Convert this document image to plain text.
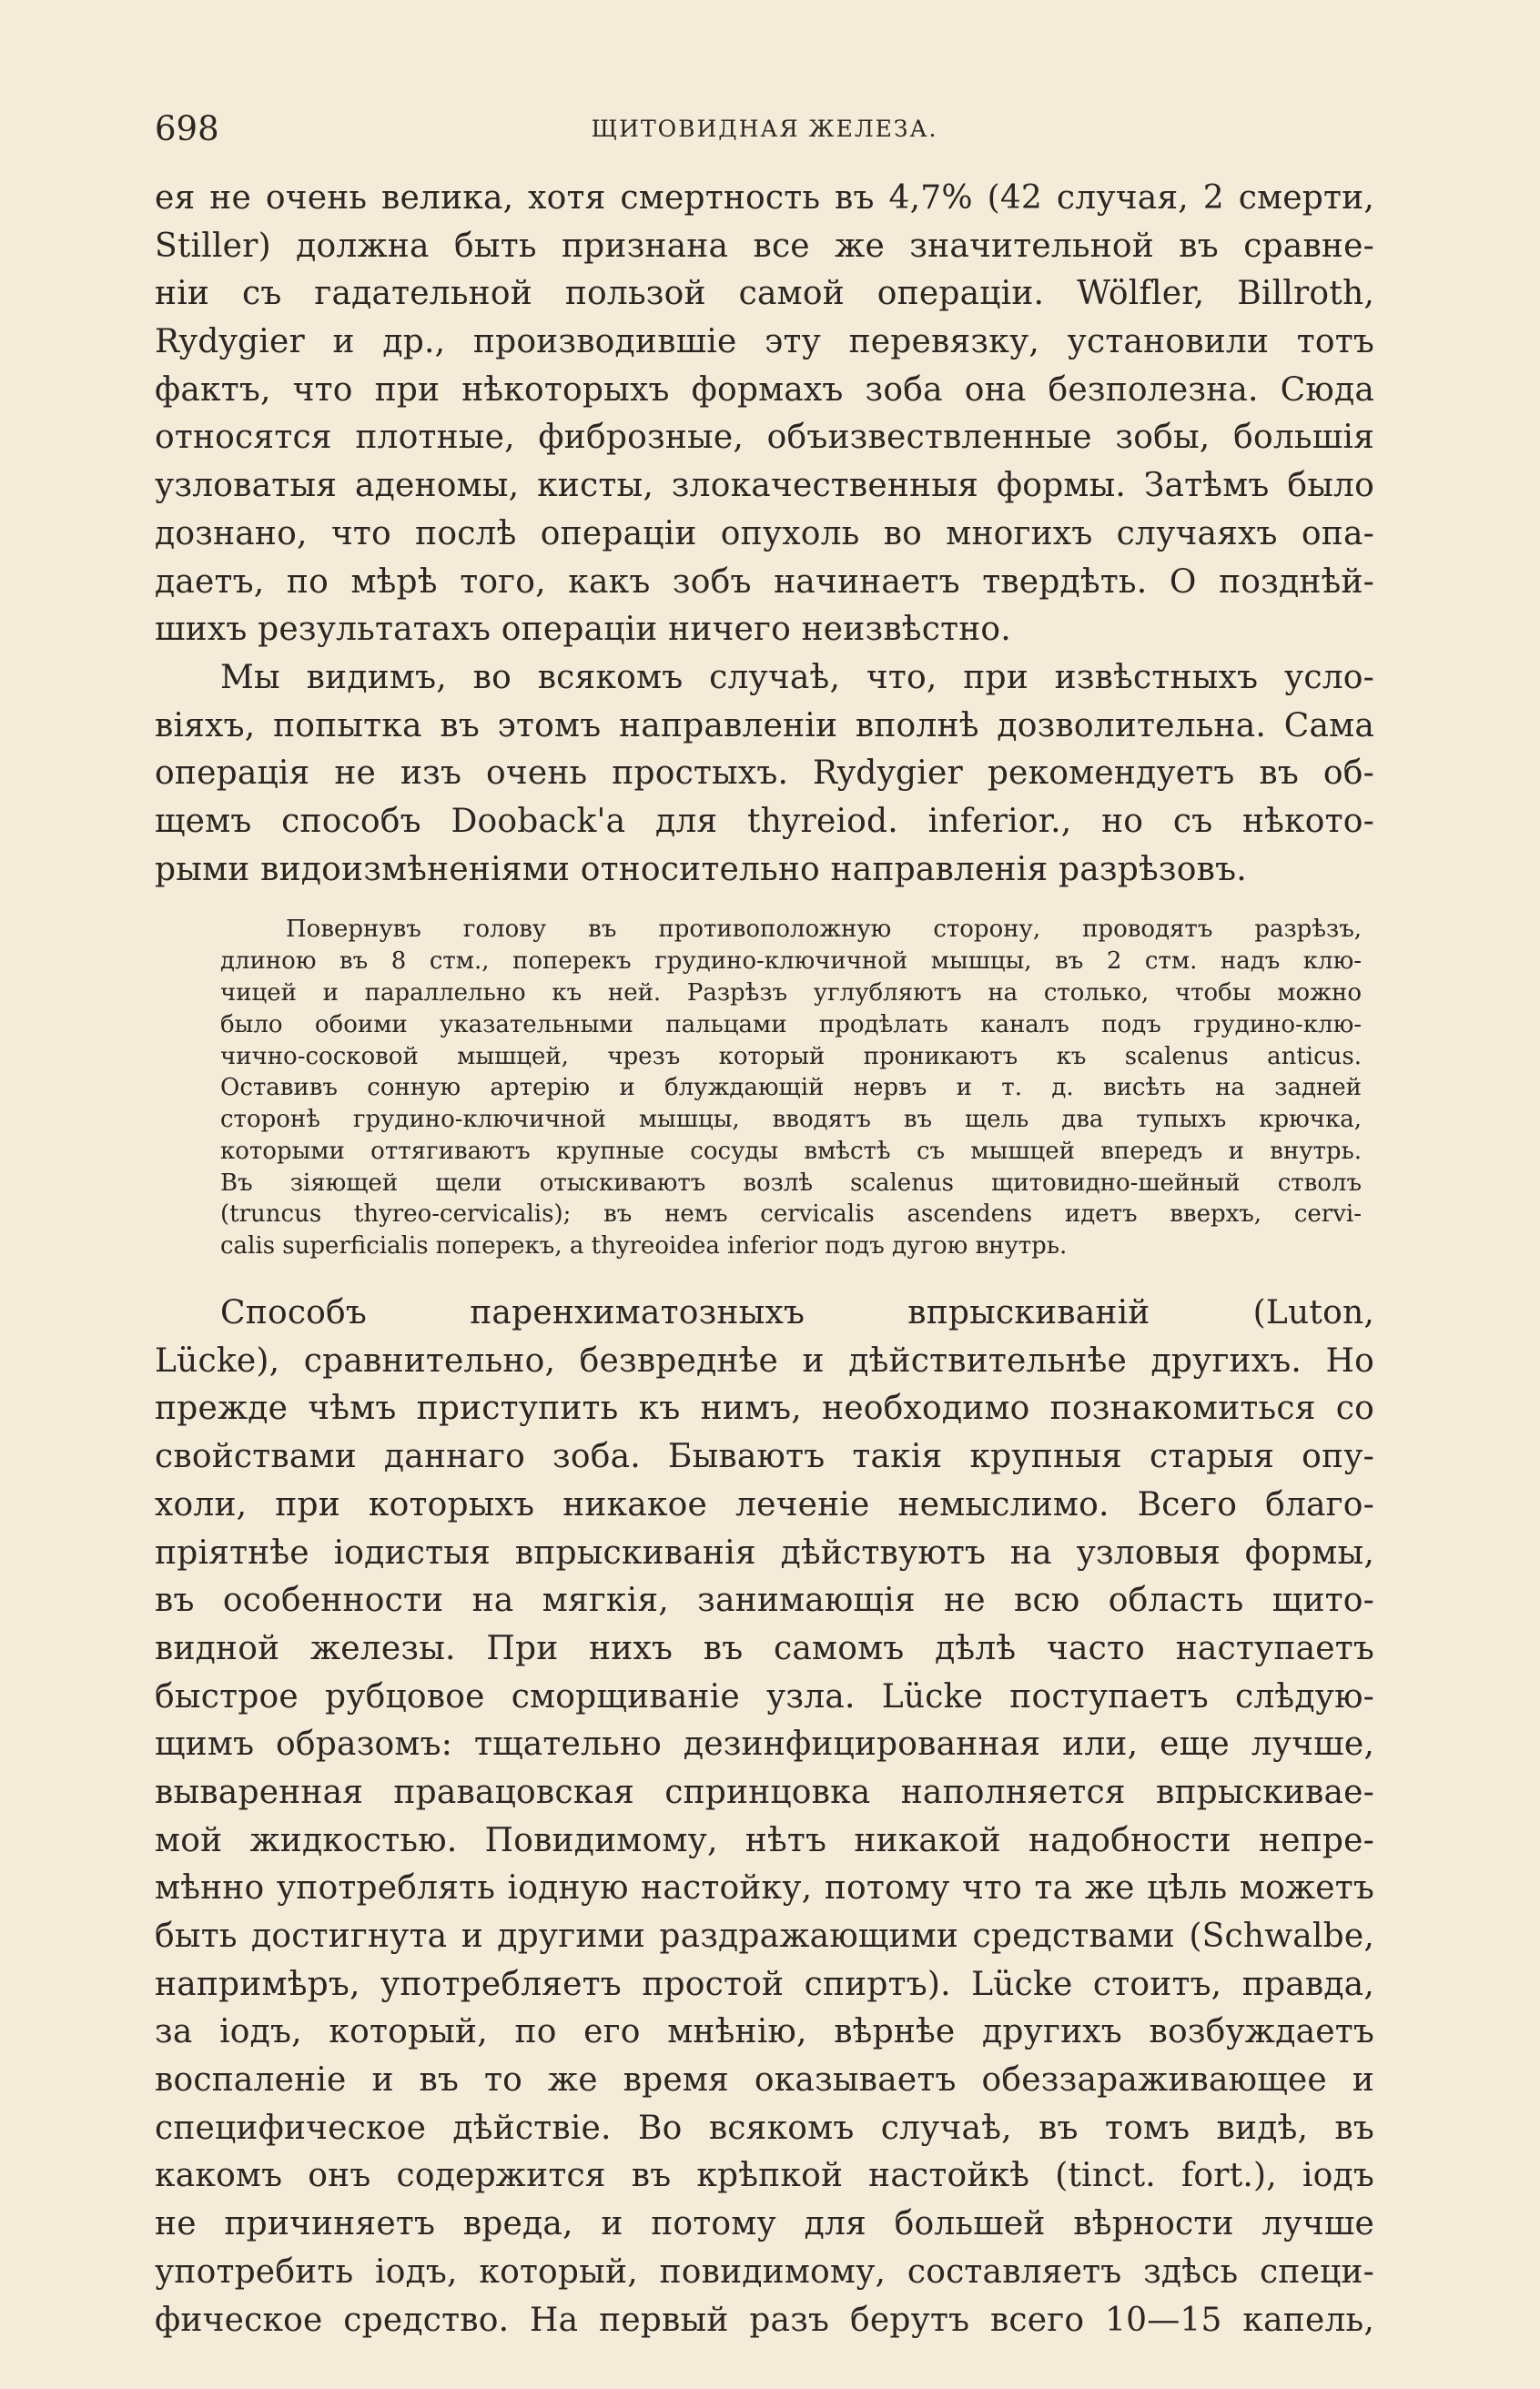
698	ЩИТОВИДНАЯ ЖЕЛЕЗА.
ея не очень велика, хотя смертность въ 4,7% (42 случая, 2 смерти,
Stiller) должна быть признана все же значительной въ сравне-
ніи съ гадательной пользой самой операціи. Wölfler, Billroth,
Rydygier и др., производившіе эту перевязку, установили тотъ
фактъ, что при нѣкоторыхъ формахъ зоба она безполезна. Сюда
относятся плотные, фиброзные, объизвествленные зобы, большія
узловатыя аденомы, кисты, злокачественныя формы. Затѣмъ было
дознано, что послѣ операціи опухоль во многихъ случаяхъ опа-
даетъ, по мѣрѣ того, какъ зобъ начинаетъ твердѣть. О позднѣй-
шихъ результатахъ операціи ничего неизвѣстно.
Мы видимъ, во всякомъ случаѣ, что, при извѣстныхъ усло-
віяхъ, попытка въ этомъ направленіи вполнѣ дозволительна. Сама
операція не изъ очень простыхъ. Rydygier рекомендуетъ въ об-
щемъ способъ Dooback'а для thyreiod. inferior., но съ нѣкото-
рыми видоизмѣненіями относительно направленія разрѣзовъ.
Повернувъ голову въ противоположную сторону, проводятъ разрѣзъ,
длиною въ 8 стм., поперекъ грудино-ключичной мышцы, въ 2 стм. надъ клю-
чицей и параллельно къ ней. Разрѣзъ углубляютъ на столько, чтобы можно
было обоими указательными пальцами продѣлать каналъ подъ грудино-клю-
чично-сосковой мышцей, чрезъ который проникаютъ къ scalenus anticus.
Оставивъ сонную артерію и блуждающій нервъ и т. д. висѣть на задней
сторонѣ грудино-ключичной мышцы, вводятъ въ щель два тупыхъ крючка,
которыми оттягиваютъ крупные сосуды вмѣстѣ съ мышцей впередъ и внутрь.
Въ зіяющей щели отыскиваютъ возлѣ scalenus щитовидно-шейный стволъ
(truncus thyreo-cervicalis); въ немъ cervicalis ascendens идетъ вверхъ, cervi-
calis superficialis поперекъ, а thyreoidea inferior подъ дугою внутрь.
Способъ паренхиматозныхъ впрыскиваній (Luton,
Lücke), сравнительно, безвреднѣе и дѣйствительнѣе другихъ. Но
прежде чѣмъ приступить къ нимъ, необходимо познакомиться со
свойствами даннаго зоба. Бываютъ такія крупныя старыя опу-
холи, при которыхъ никакое леченіе немыслимо. Всего благо-
пріятнѣе іодистыя впрыскиванія дѣйствуютъ на узловыя формы,
въ особенности на мягкія, занимающія не всю область щито-
видной железы. При нихъ въ самомъ дѣлѣ часто наступаетъ
быстрое рубцовое сморщиваніе узла. Lücke поступаетъ слѣдую-
щимъ образомъ: тщательно дезинфицированная или, еще лучше,
вываренная правацовская спринцовка наполняется впрыскивае-
мой жидкостью. Повидимому, нѣтъ никакой надобности непре-
мѣнно употреблять іодную настойку, потому что та же цѣль можетъ
быть достигнута и другими раздражающими средствами (Schwalbe,
напримѣръ, употребляетъ простой спиртъ). Lücke стоитъ, правда,
за іодъ, который, по его мнѣнію, вѣрнѣе другихъ возбуждаетъ
воспаленіе и въ то же время оказываетъ обеззараживающее и
специфическое дѣйствіе. Во всякомъ случаѣ, въ томъ видѣ, въ
какомъ онъ содержится въ крѣпкой настойкѣ (tinct. fort.), іодъ
не причиняетъ вреда, и потому для большей вѣрности лучше
употребить іодъ, который, повидимому, составляетъ здѣсь специ-
фическое средство. На первый разъ берутъ всего 10—15 капель,
